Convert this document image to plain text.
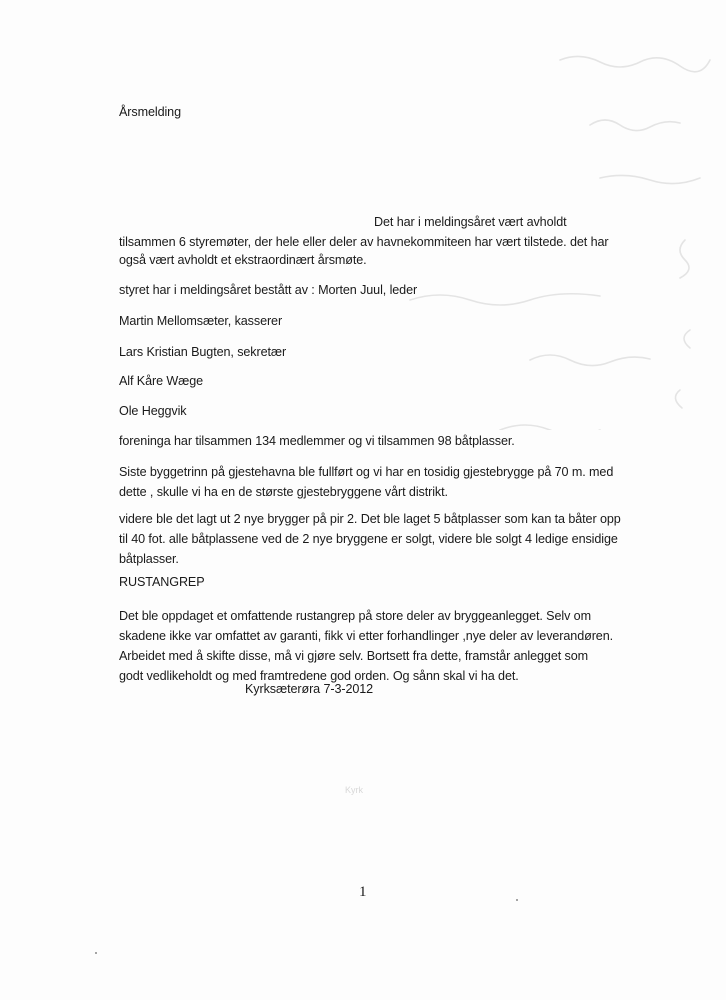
Årsmelding
Det har i meldingsåret vært avholdt
tilsammen 6 styremøter, der hele eller deler av havnekommiteen har vært tilstede. det har
også vært avholdt et ekstraordinært årsmøte.
styret har i meldingsåret bestått av : Morten Juul, leder
Martin Mellomsæter, kasserer
Lars Kristian Bugten, sekretær
Alf Kåre Wæge
Ole Heggvik
foreninga har tilsammen 134 medlemmer og vi tilsammen 98 båtplasser.
Siste byggetrinn på gjestehavna ble fullført og vi har en tosidig gjestebrygge på 70 m. med
dette , skulle vi ha en de største gjestebryggene vårt distrikt.
videre ble det lagt ut 2 nye brygger på pir 2. Det ble laget 5 båtplasser som kan ta båter opp
til 40 fot. alle båtplassene ved de 2 nye bryggene er solgt, videre ble solgt 4 ledige ensidige
båtplasser.
RUSTANGREP
Det ble oppdaget et omfattende rustangrep på store deler av bryggeanlegget. Selv om
skadene ikke var omfattet av garanti, fikk vi etter forhandlinger ,nye deler av leverandøren.
Arbeidet med å skifte disse, må vi gjøre selv. Bortsett fra dette, framstår anlegget som
godt vedlikeholdt og med framtredene god orden. Og sånn skal vi ha det.
Kyrksæterøra 7-3-2012
Kyrk
1
